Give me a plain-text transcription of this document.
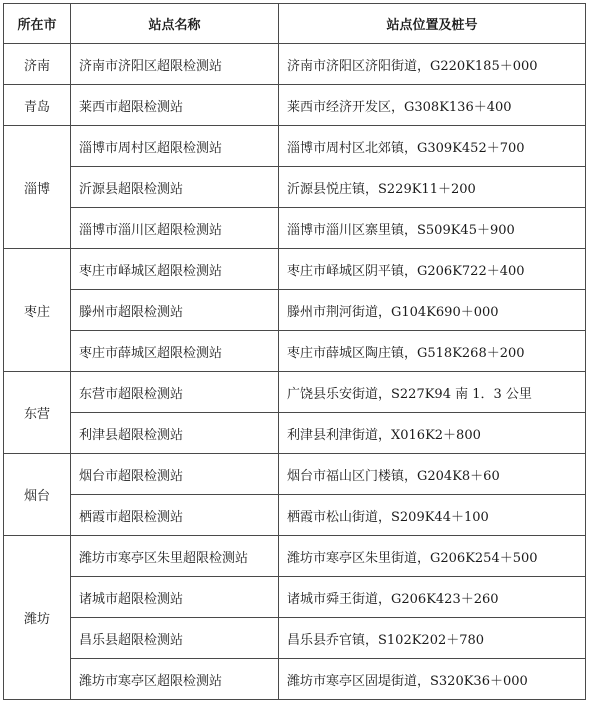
所在市	站点名称	站点位置及桩号
济南	济南市济阳区超限检测站	济南市济阳区济阳街道，G220K185＋000
青岛	莱西市超限检测站	莱西市经济开发区，G308K136＋400
淄博	淄博市周村区超限检测站	淄博市周村区北郊镇，G309K452＋700
	沂源县超限检测站	沂源县悦庄镇，S229K11＋200
	淄博市淄川区超限检测站	淄博市淄川区寨里镇，S509K45＋900
枣庄	枣庄市峄城区超限检测站	枣庄市峄城区阴平镇，G206K722＋400
	滕州市超限检测站	滕州市荆河街道，G104K690＋000
	枣庄市薛城区超限检测站	枣庄市薛城区陶庄镇，G518K268＋200
东营	东营市超限检测站	广饶县乐安街道，S227K94 南 1．3 公里
	利津县超限检测站	利津县利津街道，X016K2＋800
烟台	烟台市超限检测站	烟台市福山区门楼镇，G204K8＋60
	栖霞市超限检测站	栖霞市松山街道，S209K44＋100
潍坊	潍坊市寒亭区朱里超限检测站	潍坊市寒亭区朱里街道，G206K254＋500
	诸城市超限检测站	诸城市舜王街道，G206K423＋260
	昌乐县超限检测站	昌乐县乔官镇，S102K202＋780
	潍坊市寒亭区超限检测站	潍坊市寒亭区固堤街道，S320K36＋000
